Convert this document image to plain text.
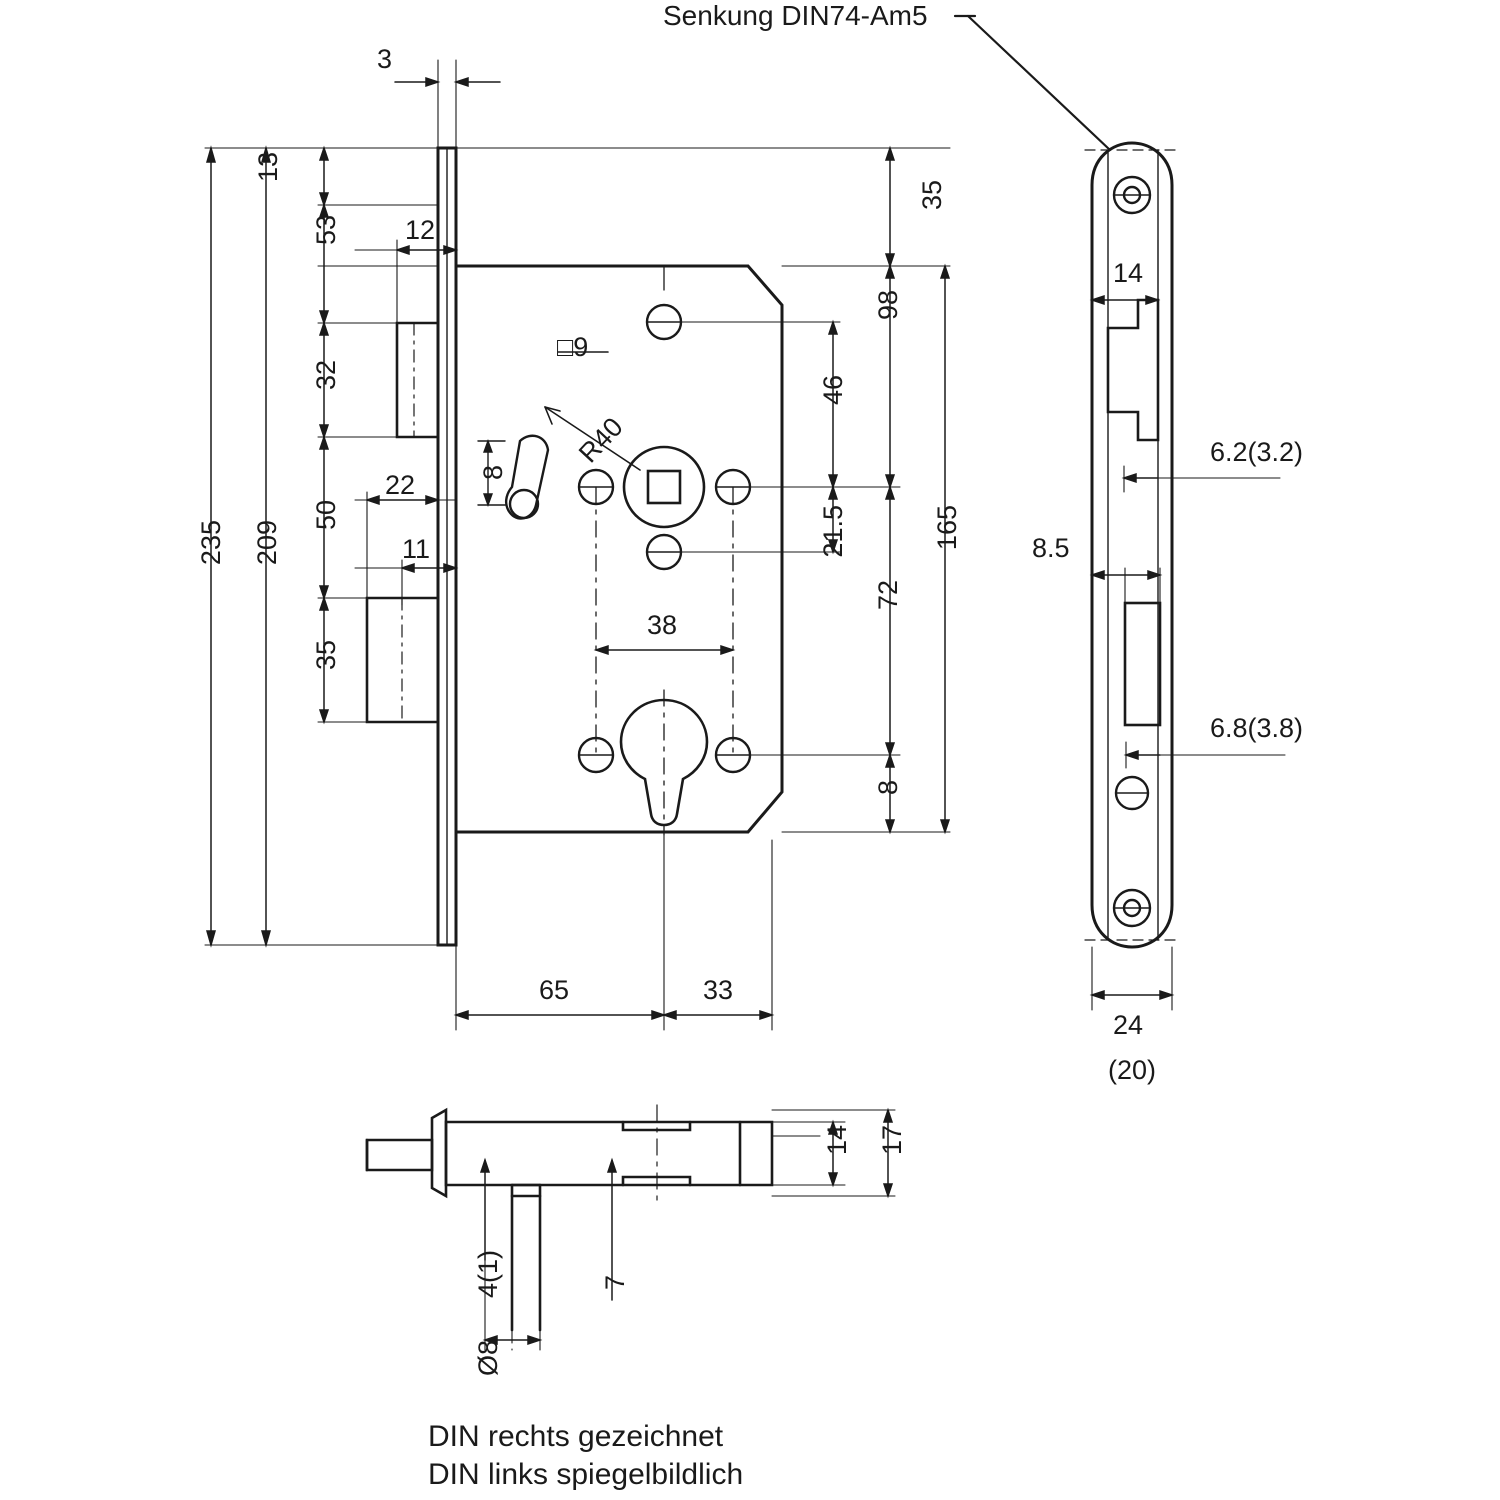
Senkung DIN74-Am5
3
13
53 12
32
22
50
11
35
235 209
8
□9
R40
38
65	33
35
98
46
21.5	165
72
8
14
6.2(3.2)
8.5
6.8(3.8)
24
(20)
14 17
4(1)	7
Ø8
DIN rechts gezeichnet
DIN links spiegelbildlich
